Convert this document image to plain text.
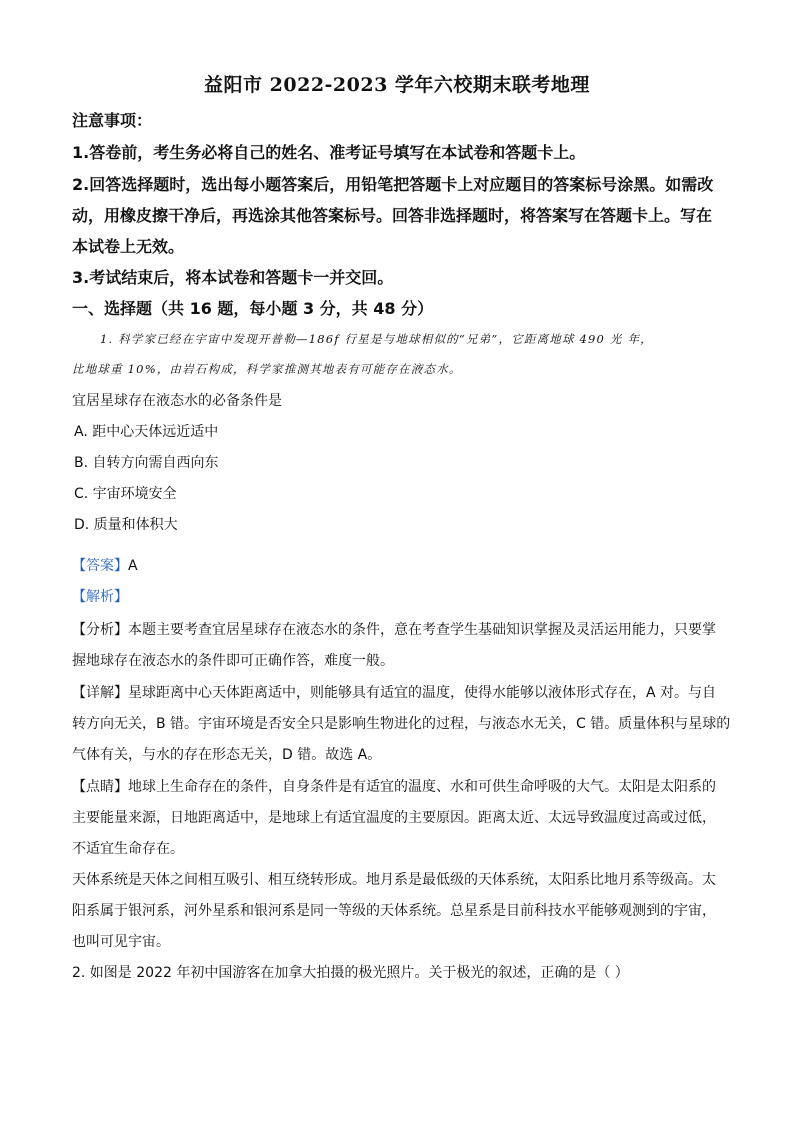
益阳市 2022-2023 学年六校期末联考地理
注意事项：
1.答卷前，考生务必将自己的姓名、准考证号填写在本试卷和答题卡上。
2.回答选择题时，选出每小题答案后，用铅笔把答题卡上对应题目的答案标号涂黑。如需改
动，用橡皮擦干净后，再选涂其他答案标号。回答非选择题时，将答案写在答题卡上。写在
本试卷上无效。
3.考试结束后，将本试卷和答题卡一并交回。
一、选择题（共 16 题，每小题 3 分，共 48 分）
1. 科学家已经在宇宙中发现开普勒—186f 行星是与地球相似的“兄弟”，它距离地球 490 光 年，
比地球重 10%，由岩石构成，科学家推测其地表有可能存在液态水。
宜居星球存在液态水的必备条件是
A. 距中心天体远近适中
B. 自转方向需自西向东
C. 宇宙环境安全
D. 质量和体积大
【答案】A
【解析】
【分析】本题主要考查宜居星球存在液态水的条件，意在考查学生基础知识掌握及灵活运用能力，只要掌
握地球存在液态水的条件即可正确作答，难度一般。
【详解】星球距离中心天体距离适中，则能够具有适宜的温度，使得水能够以液体形式存在，A 对。与自
转方向无关，B 错。宇宙环境是否安全只是影响生物进化的过程，与液态水无关，C 错。质量体积与星球的
气体有关，与水的存在形态无关，D 错。故选 A。
【点睛】地球上生命存在的条件，自身条件是有适宜的温度、水和可供生命呼吸的大气。太阳是太阳系的
主要能量来源，日地距离适中，是地球上有适宜温度的主要原因。距离太近、太远导致温度过高或过低，
不适宜生命存在。
天体系统是天体之间相互吸引、相互绕转形成。地月系是最低级的天体系统，太阳系比地月系等级高。太
阳系属于银河系，河外星系和银河系是同一等级的天体系统。总星系是目前科技水平能够观测到的宇宙，
也叫可见宇宙。
2. 如图是 2022 年初中国游客在加拿大拍摄的极光照片。关于极光的叙述，正确的是（ ）
